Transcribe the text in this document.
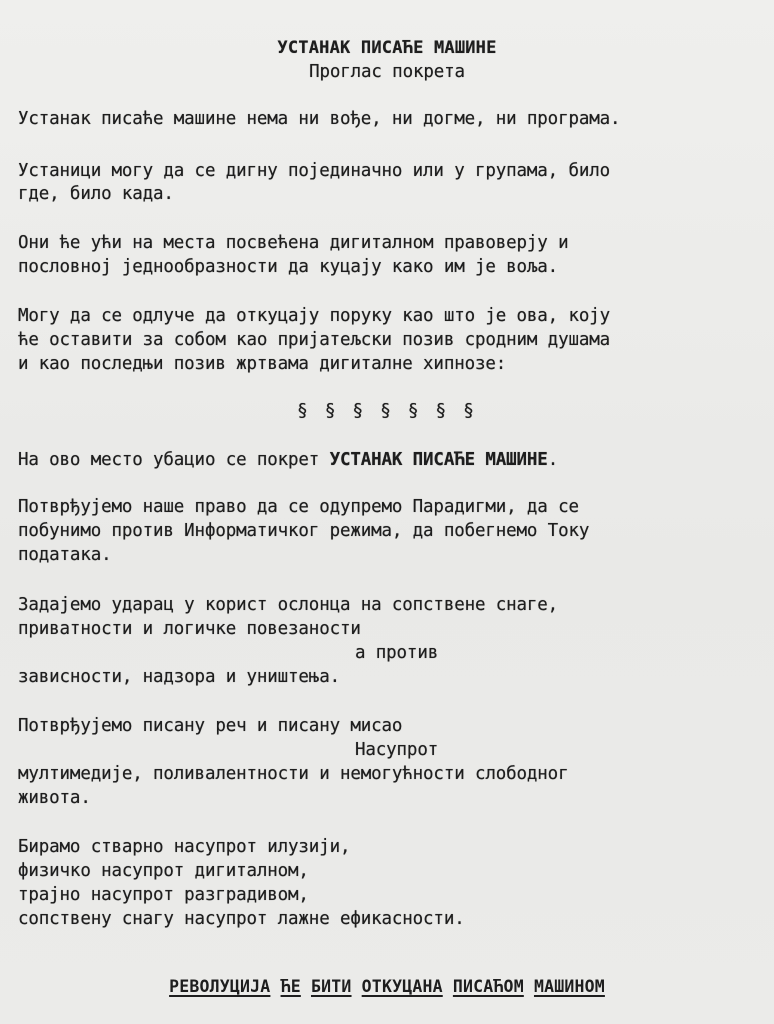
УСТАНАК ПИСАЋЕ МАШИНЕ
Проглас покрета
Устанак писаће машине нема ни вође, ни догме, ни програма.
Устаници могу да се дигну појединачно или у групама, било
где, било када.
Они ће ући на места посвећена дигиталном правоверју и
пословној једнообразности да куцају како им је воља.
Могу да се одлуче да откуцају поруку као што је ова, коју
ће оставити за собом као пријатељски позив сродним душама
и као последњи позив жртвама дигиталне хипнозе:
§ § § § § § §
На ово место убацио се покрет УСТАНАК ПИСАЋЕ МАШИНЕ.
Потврђујемо наше право да се одупремо Парадигми, да се
побунимо против Информатичког режима, да побегнемо Току
података.
Задајемо ударац у корист ослонца на сопствене снаге,
приватности и логичке повезаности
а против
зависности, надзора и уништења.
Потврђујемо писану реч и писану мисао
Насупрот
мултимедије, поливалентности и немогућности слободног
живота.
Бирамо стварно насупрот илузији,
физичко насупрот дигиталном,
трајно насупрот разградивом,
сопствену снагу насупрот лажне ефикасности.
РЕВОЛУЦИЈА ЋЕ БИТИ ОТКУЦАНА ПИСАЋОМ МАШИНОМ
